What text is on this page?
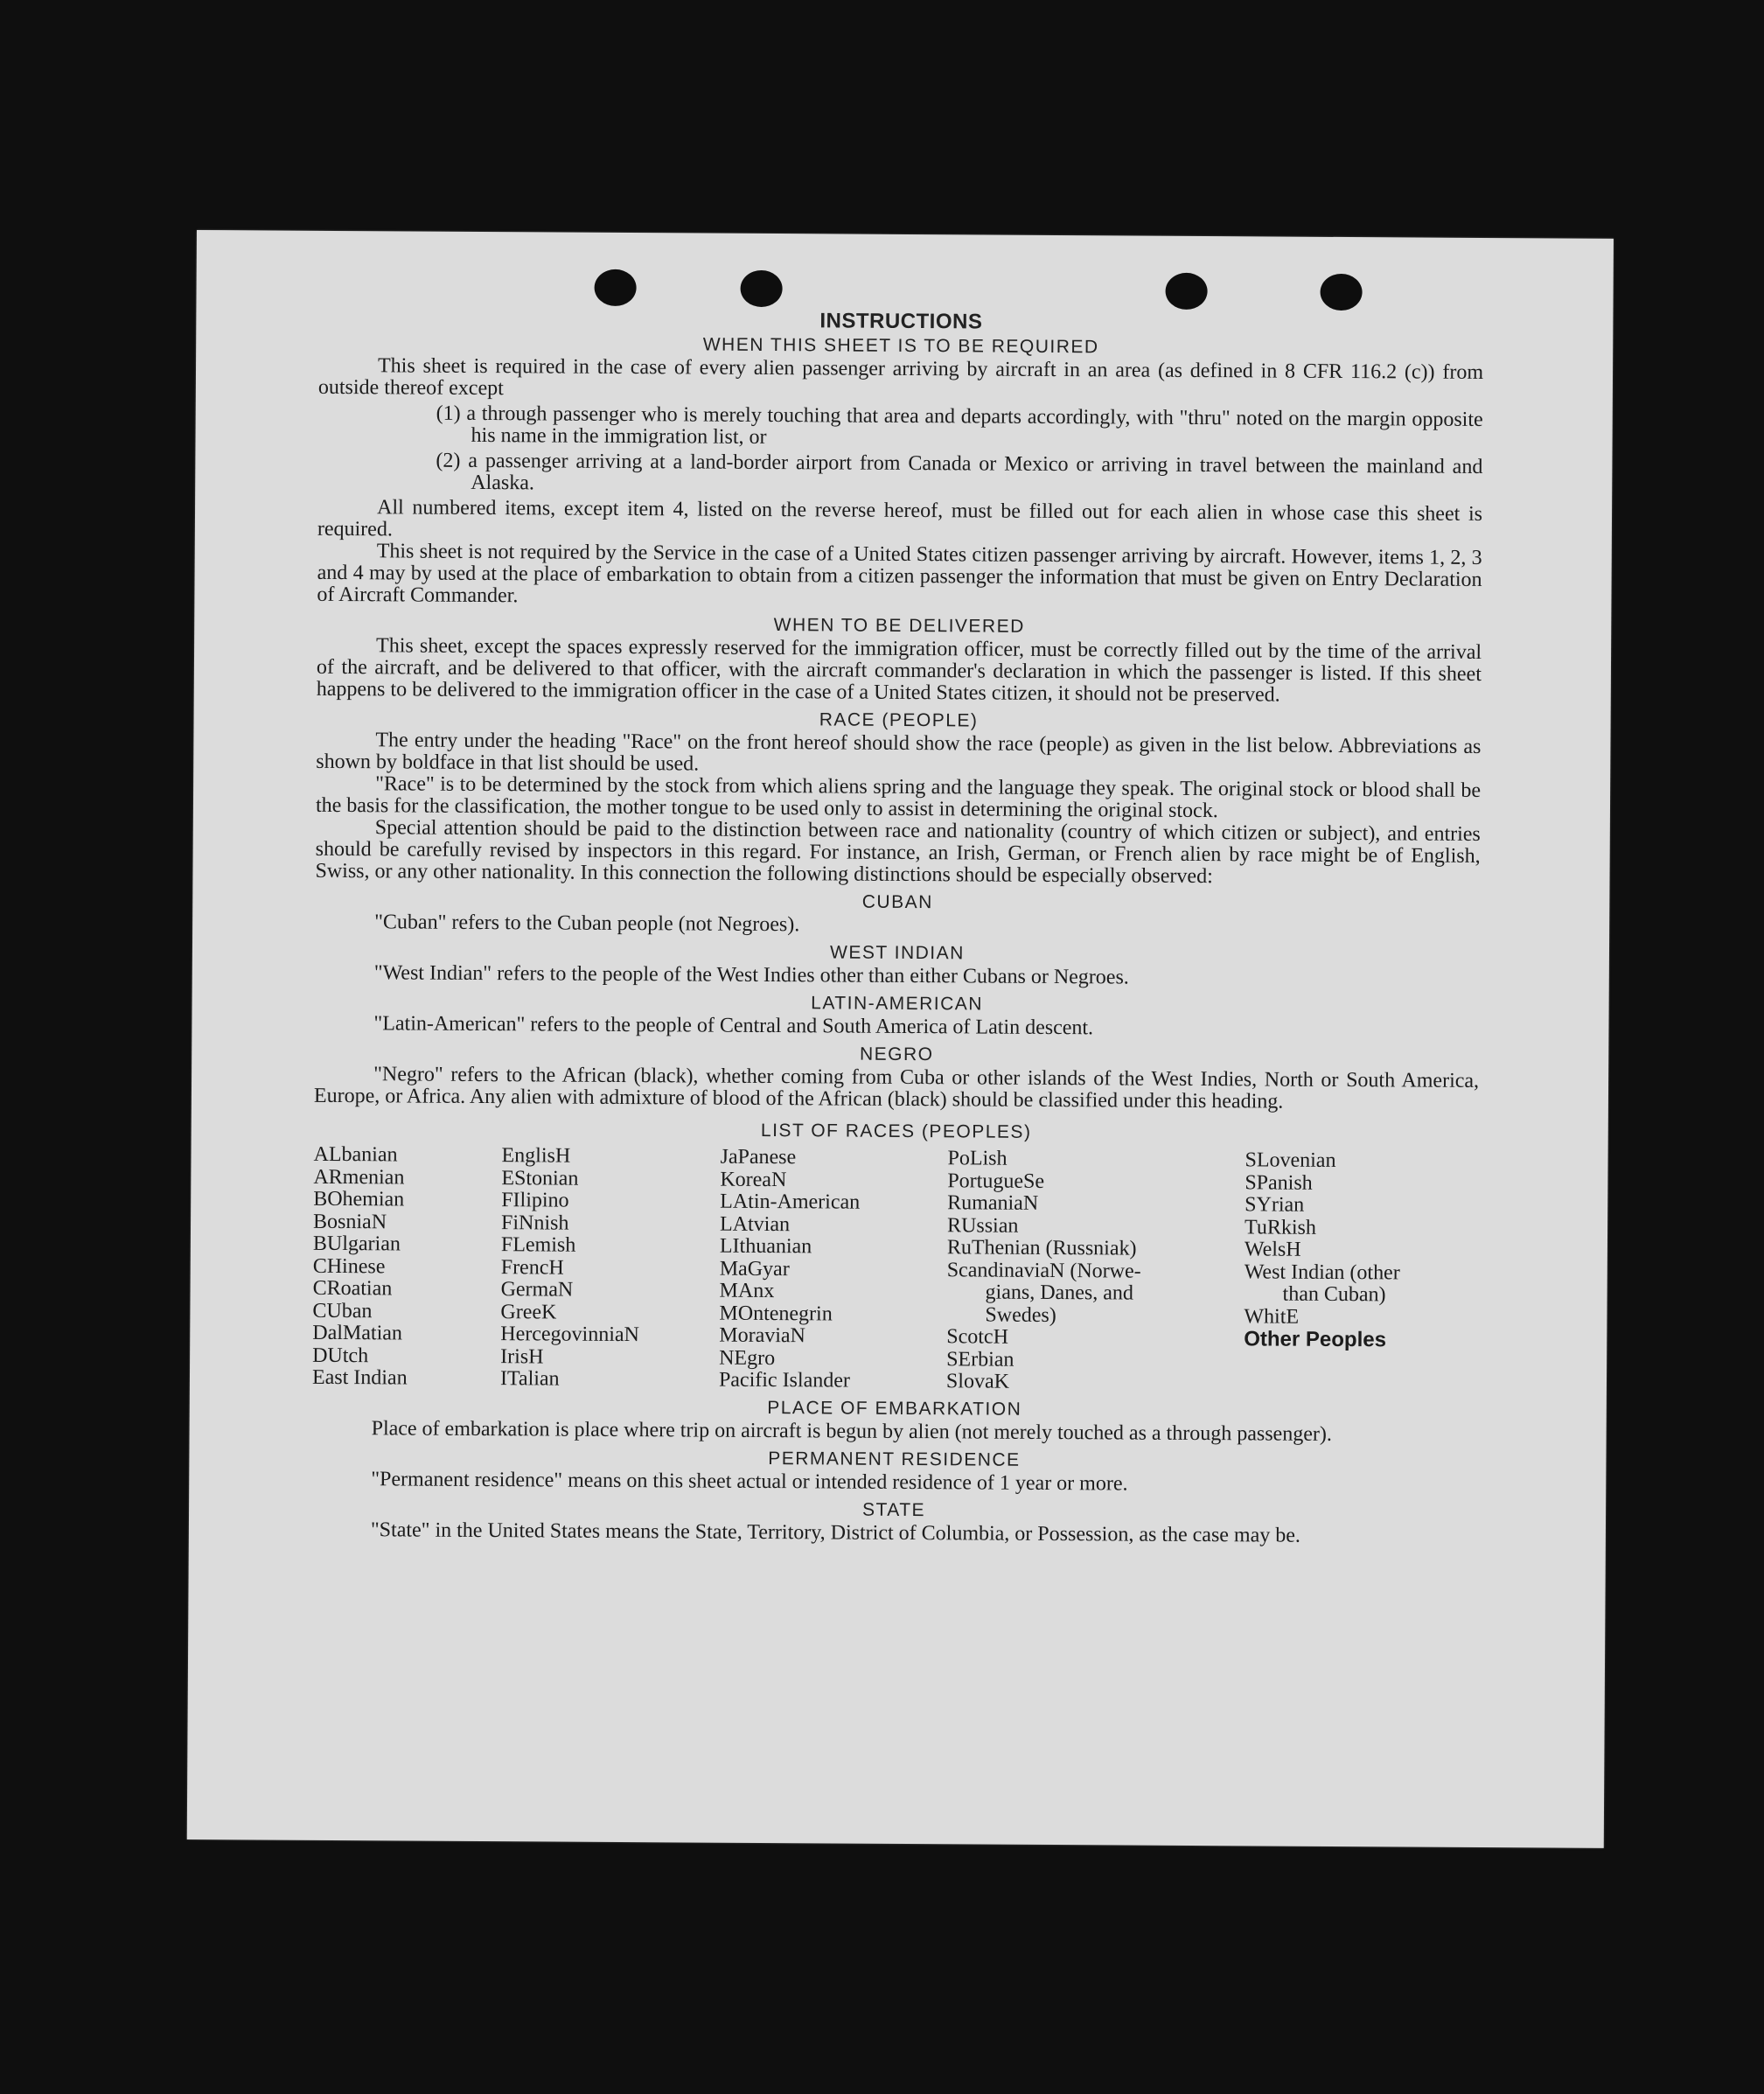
INSTRUCTIONS
WHEN THIS SHEET IS TO BE REQUIRED

This sheet is required in the case of every alien passenger arriving by aircraft in an area (as defined in 8 CFR 116.2 (c)) from outside thereof except

(1) a through passenger who is merely touching that area and departs accordingly, with "thru" noted on the margin opposite his name in the immigration list, or

(2) a passenger arriving at a land-border airport from Canada or Mexico or arriving in travel between the mainland and Alaska.

All numbered items, except item 4, listed on the reverse hereof, must be filled out for each alien in whose case this sheet is required.

This sheet is not required by the Service in the case of a United States citizen passenger arriving by aircraft. However, items 1, 2, 3 and 4 may by used at the place of embarkation to obtain from a citizen passenger the information that must be given on Entry Declaration of Aircraft Commander.

WHEN TO BE DELIVERED

This sheet, except the spaces expressly reserved for the immigration officer, must be correctly filled out by the time of the arrival of the aircraft, and be delivered to that officer, with the aircraft commander's declaration in which the passenger is listed. If this sheet happens to be delivered to the immigration officer in the case of a United States citizen, it should not be preserved.

RACE (PEOPLE)

The entry under the heading "Race" on the front hereof should show the race (people) as given in the list below. Abbreviations as shown by boldface in that list should be used.

"Race" is to be determined by the stock from which aliens spring and the language they speak. The original stock or blood shall be the basis for the classification, the mother tongue to be used only to assist in determining the original stock.

Special attention should be paid to the distinction between race and nationality (country of which citizen or subject), and entries should be carefully revised by inspectors in this regard. For instance, an Irish, German, or French alien by race might be of English, Swiss, or any other nationality. In this connection the following distinctions should be especially observed:

CUBAN

"Cuban" refers to the Cuban people (not Negroes).

WEST INDIAN

"West Indian" refers to the people of the West Indies other than either Cubans or Negroes.

LATIN-AMERICAN

"Latin-American" refers to the people of Central and South America of Latin descent.

NEGRO

"Negro" refers to the African (black), whether coming from Cuba or other islands of the West Indies, North or South America, Europe, or Africa. Any alien with admixture of blood of the African (black) should be classified under this heading.

LIST OF RACES (PEOPLES)
ALbanian
ARmenian
BOhemian
BosniaN
BUlgarian
CHinese
CRoatian
CUban
DalMatian
DUtch
East Indian
EnglisH
EStonian
FIlipino
FiNnish
FLemish
FrencH
GermaN
GreeK
HercegovinniaN
IrisH
ITalian
JaPanese
KoreaN
LAtin-American
LAtvian
LIthuanian
MaGyar
MAnx
MOntenegrin
MoraviaN
NEgro
Pacific Islander
PoLish
PortugueSe
RumaniaN
RUssian
RuThenian (Russniak)
ScandinaviaN (Norwe-
gians, Danes, and
Swedes)
ScotcH
SErbian
SlovaK
SLovenian
SPanish
SYrian
TuRkish
WelsH
West Indian (other
than Cuban)
WhitE
Other Peoples
PLACE OF EMBARKATION

Place of embarkation is place where trip on aircraft is begun by alien (not merely touched as a through passenger).

PERMANENT RESIDENCE

"Permanent residence" means on this sheet actual or intended residence of 1 year or more.

STATE

"State" in the United States means the State, Territory, District of Columbia, or Possession, as the case may be.
